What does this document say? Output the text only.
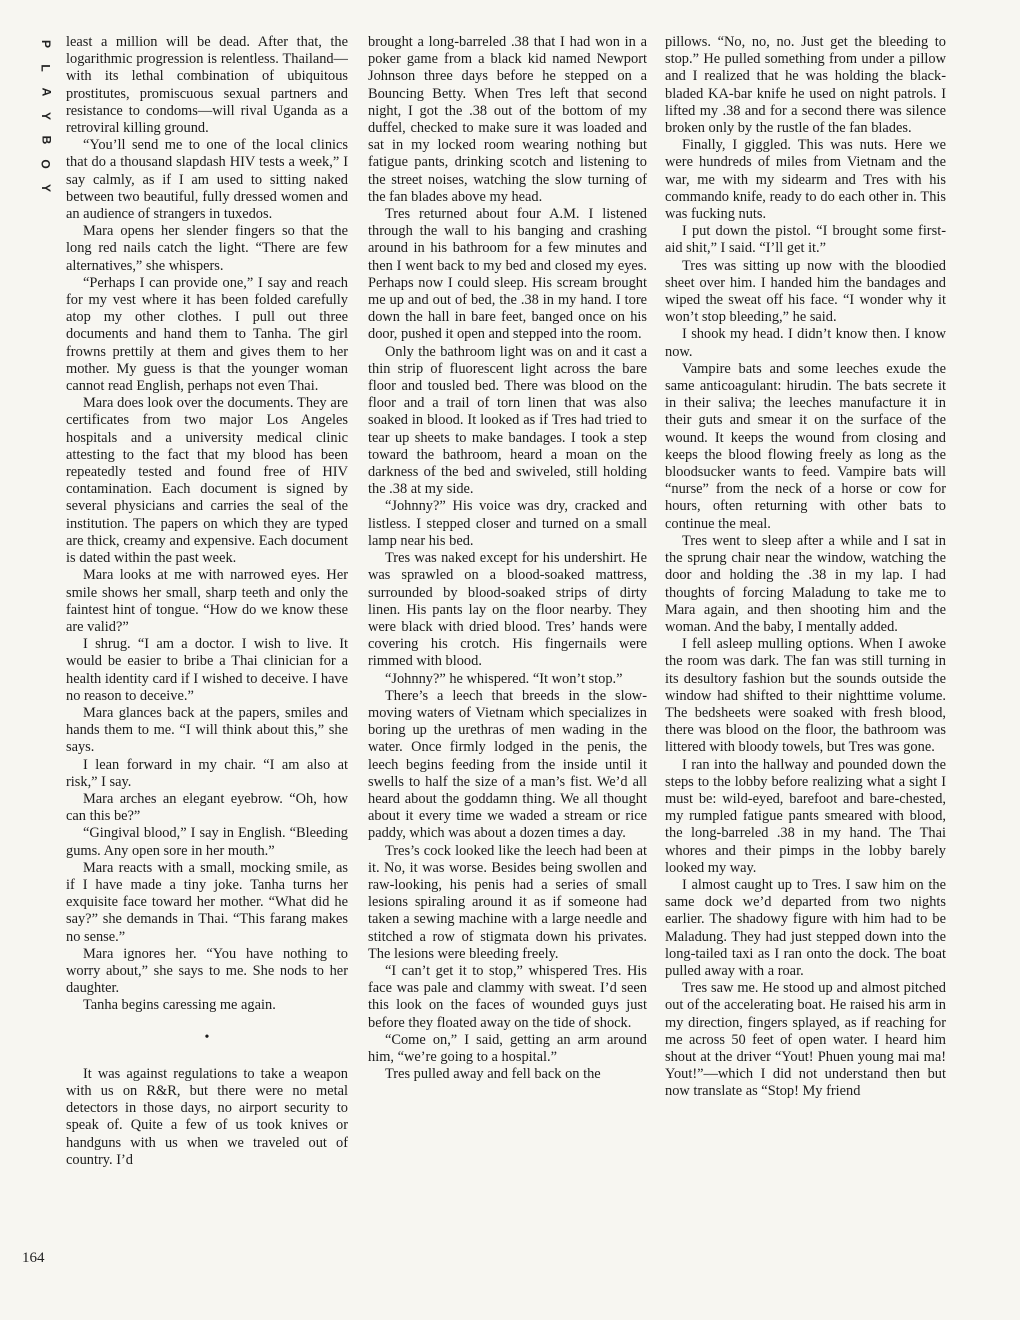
P
L
A
Y
B
O
Y
164

least a million will be dead. After that, the logarithmic progression is relentless. Thailand—with its lethal combination of ubiquitous prostitutes, promiscuous sexual partners and resistance to condoms—will rival Uganda as a retroviral killing ground.

“You’ll send me to one of the local clinics that do a thousand slapdash HIV tests a week,” I say calmly, as if I am used to sitting naked between two beautiful, fully dressed women and an audience of strangers in tuxedos.

Mara opens her slender fingers so that the long red nails catch the light. “There are few alternatives,” she whispers.

“Perhaps I can provide one,” I say and reach for my vest where it has been folded carefully atop my other clothes. I pull out three documents and hand them to Tanha. The girl frowns prettily at them and gives them to her mother. My guess is that the younger woman cannot read English, perhaps not even Thai.

Mara does look over the documents. They are certificates from two major Los Angeles hospitals and a university medical clinic attesting to the fact that my blood has been repeatedly tested and found free of HIV contamination. Each document is signed by several physicians and carries the seal of the institution. The papers on which they are typed are thick, creamy and expensive. Each document is dated within the past week.

Mara looks at me with narrowed eyes. Her smile shows her small, sharp teeth and only the faintest hint of tongue. “How do we know these are valid?”

I shrug. “I am a doctor. I wish to live. It would be easier to bribe a Thai clinician for a health identity card if I wished to deceive. I have no reason to deceive.”

Mara glances back at the papers, smiles and hands them to me. “I will think about this,” she says.

I lean forward in my chair. “I am also at risk,” I say.

Mara arches an elegant eyebrow. “Oh, how can this be?”

“Gingival blood,” I say in English. “Bleeding gums. Any open sore in her mouth.”

Mara reacts with a small, mocking smile, as if I have made a tiny joke. Tanha turns her exquisite face toward her mother. “What did he say?” she demands in Thai. “This farang makes no sense.”

Mara ignores her. “You have nothing to worry about,” she says to me. She nods to her daughter.

Tanha begins caressing me again.

•

It was against regulations to take a weapon with us on R&R, but there were no metal detectors in those days, no airport security to speak of. Quite a few of us took knives or handguns with us when we traveled out of country. I’d

brought a long-barreled .38 that I had won in a poker game from a black kid named Newport Johnson three days before he stepped on a Bouncing Betty. When Tres left that second night, I got the .38 out of the bottom of my duffel, checked to make sure it was loaded and sat in my locked room wearing nothing but fatigue pants, drinking scotch and listening to the street noises, watching the slow turning of the fan blades above my head.

Tres returned about four A.M. I listened through the wall to his banging and crashing around in his bathroom for a few minutes and then I went back to my bed and closed my eyes. Perhaps now I could sleep. His scream brought me up and out of bed, the .38 in my hand. I tore down the hall in bare feet, banged once on his door, pushed it open and stepped into the room.

Only the bathroom light was on and it cast a thin strip of fluorescent light across the bare floor and tousled bed. There was blood on the floor and a trail of torn linen that was also soaked in blood. It looked as if Tres had tried to tear up sheets to make bandages. I took a step toward the bathroom, heard a moan on the darkness of the bed and swiveled, still holding the .38 at my side.

“Johnny?” His voice was dry, cracked and listless. I stepped closer and turned on a small lamp near his bed.

Tres was naked except for his undershirt. He was sprawled on a blood-soaked mattress, surrounded by blood-soaked strips of dirty linen. His pants lay on the floor nearby. They were black with dried blood. Tres’ hands were covering his crotch. His fingernails were rimmed with blood.

“Johnny?” he whispered. “It won’t stop.”

There’s a leech that breeds in the slow-moving waters of Vietnam which specializes in boring up the urethras of men wading in the water. Once firmly lodged in the penis, the leech begins feeding from the inside until it swells to half the size of a man’s fist. We’d all heard about the goddamn thing. We all thought about it every time we waded a stream or rice paddy, which was about a dozen times a day.

Tres’s cock looked like the leech had been at it. No, it was worse. Besides being swollen and raw-looking, his penis had a series of small lesions spiraling around it as if someone had taken a sewing machine with a large needle and stitched a row of stigmata down his privates. The lesions were bleeding freely.

“I can’t get it to stop,” whispered Tres. His face was pale and clammy with sweat. I’d seen this look on the faces of wounded guys just before they floated away on the tide of shock.

“Come on,” I said, getting an arm around him, “we’re going to a hospital.”

Tres pulled away and fell back on the

pillows. “No, no, no. Just get the bleeding to stop.” He pulled something from under a pillow and I realized that he was holding the black-bladed KA-bar knife he used on night patrols. I lifted my .38 and for a second there was silence broken only by the rustle of the fan blades.

Finally, I giggled. This was nuts. Here we were hundreds of miles from Vietnam and the war, me with my sidearm and Tres with his commando knife, ready to do each other in. This was fucking nuts.

I put down the pistol. “I brought some first-aid shit,” I said. “I’ll get it.”

Tres was sitting up now with the bloodied sheet over him. I handed him the bandages and wiped the sweat off his face. “I wonder why it won’t stop bleeding,” he said.

I shook my head. I didn’t know then. I know now.

Vampire bats and some leeches exude the same anticoagulant: hirudin. The bats secrete it in their saliva; the leeches manufacture it in their guts and smear it on the surface of the wound. It keeps the wound from closing and keeps the blood flowing freely as long as the bloodsucker wants to feed. Vampire bats will “nurse” from the neck of a horse or cow for hours, often returning with other bats to continue the meal.

Tres went to sleep after a while and I sat in the sprung chair near the window, watching the door and holding the .38 in my lap. I had thoughts of forcing Maladung to take me to Mara again, and then shooting him and the woman. And the baby, I mentally added.

I fell asleep mulling options. When I awoke the room was dark. The fan was still turning in its desultory fashion but the sounds outside the window had shifted to their nighttime volume. The bedsheets were soaked with fresh blood, there was blood on the floor, the bathroom was littered with bloody towels, but Tres was gone.

I ran into the hallway and pounded down the steps to the lobby before realizing what a sight I must be: wild-eyed, barefoot and bare-chested, my rumpled fatigue pants smeared with blood, the long-barreled .38 in my hand. The Thai whores and their pimps in the lobby barely looked my way.

I almost caught up to Tres. I saw him on the same dock we’d departed from two nights earlier. The shadowy figure with him had to be Maladung. They had just stepped down into the long-tailed taxi as I ran onto the dock. The boat pulled away with a roar.

Tres saw me. He stood up and almost pitched out of the accelerating boat. He raised his arm in my direction, fingers splayed, as if reaching for me across 50 feet of open water. I heard him shout at the driver “Yout! Phuen young mai ma! Yout!”—which I did not understand then but now translate as “Stop! My friend
